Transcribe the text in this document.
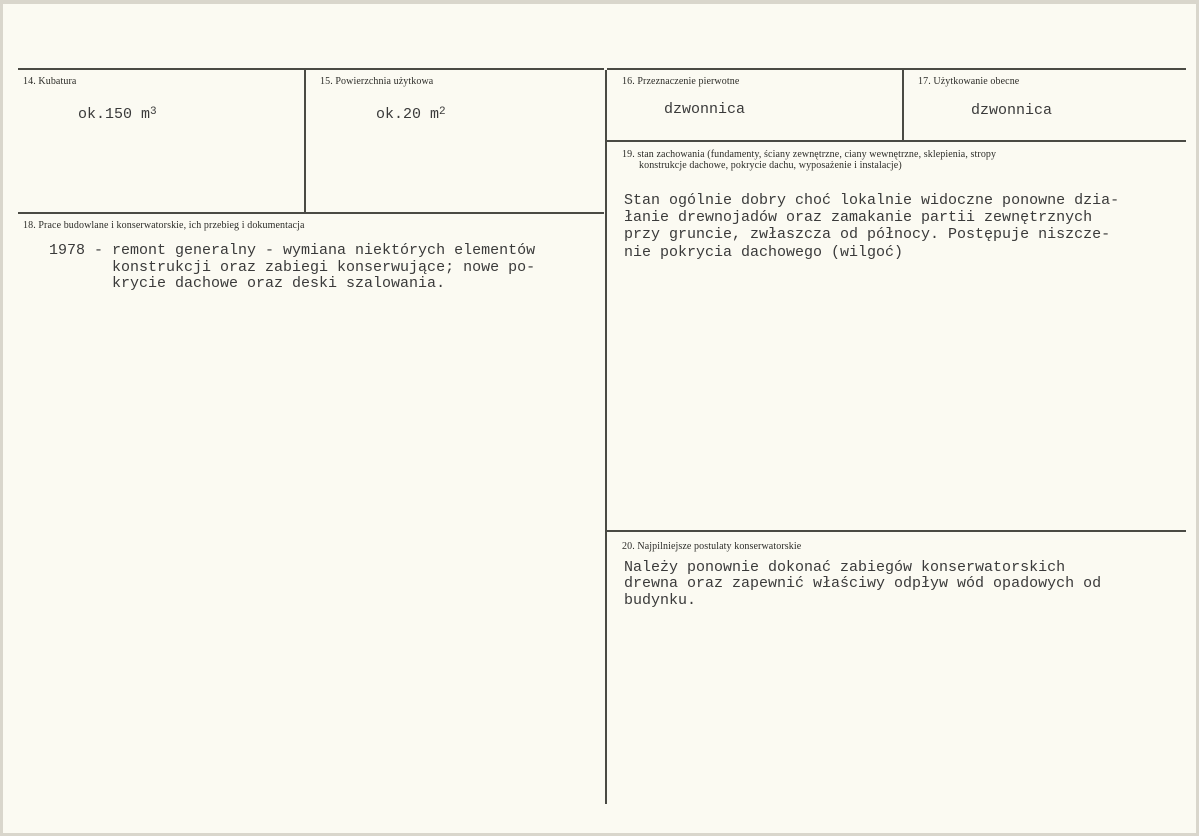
14. Kubatura
ok.150 $m^3$
15. Powierzchnia użytkowa
ok.20 $m^2$
16. Przeznaczenie pierwotne
dzwonnica
17. Użytkowanie obecne
dzwonnica
18. Prace budowlane i konserwatorskie, ich przebieg i dokumentacja
1978 - remont generalny - wymiana niektórych elementów
konstrukcji oraz zabiegi konserwujące; nowe po-
krycie dachowe oraz deski szalowania.
19. stan zachowania (fundamenty, ściany zewnętrzne, ciany wewnętrzne, sklepienia, stropy
konstrukcje dachowe, pokrycie dachu, wyposażenie i instalacje)
Stan ogólnie dobry choć lokalnie widoczne ponowne dzia-
łanie drewnojadów oraz zamakanie partii zewnętrznych
przy gruncie, zwłaszcza od północy. Postępuje niszcze-
nie pokrycia dachowego (wilgoć)
20. Najpilniejsze postulaty konserwatorskie
Należy ponownie dokonać zabiegów konserwatorskich
drewna oraz zapewnić właściwy odpływ wód opadowych od
budynku.
